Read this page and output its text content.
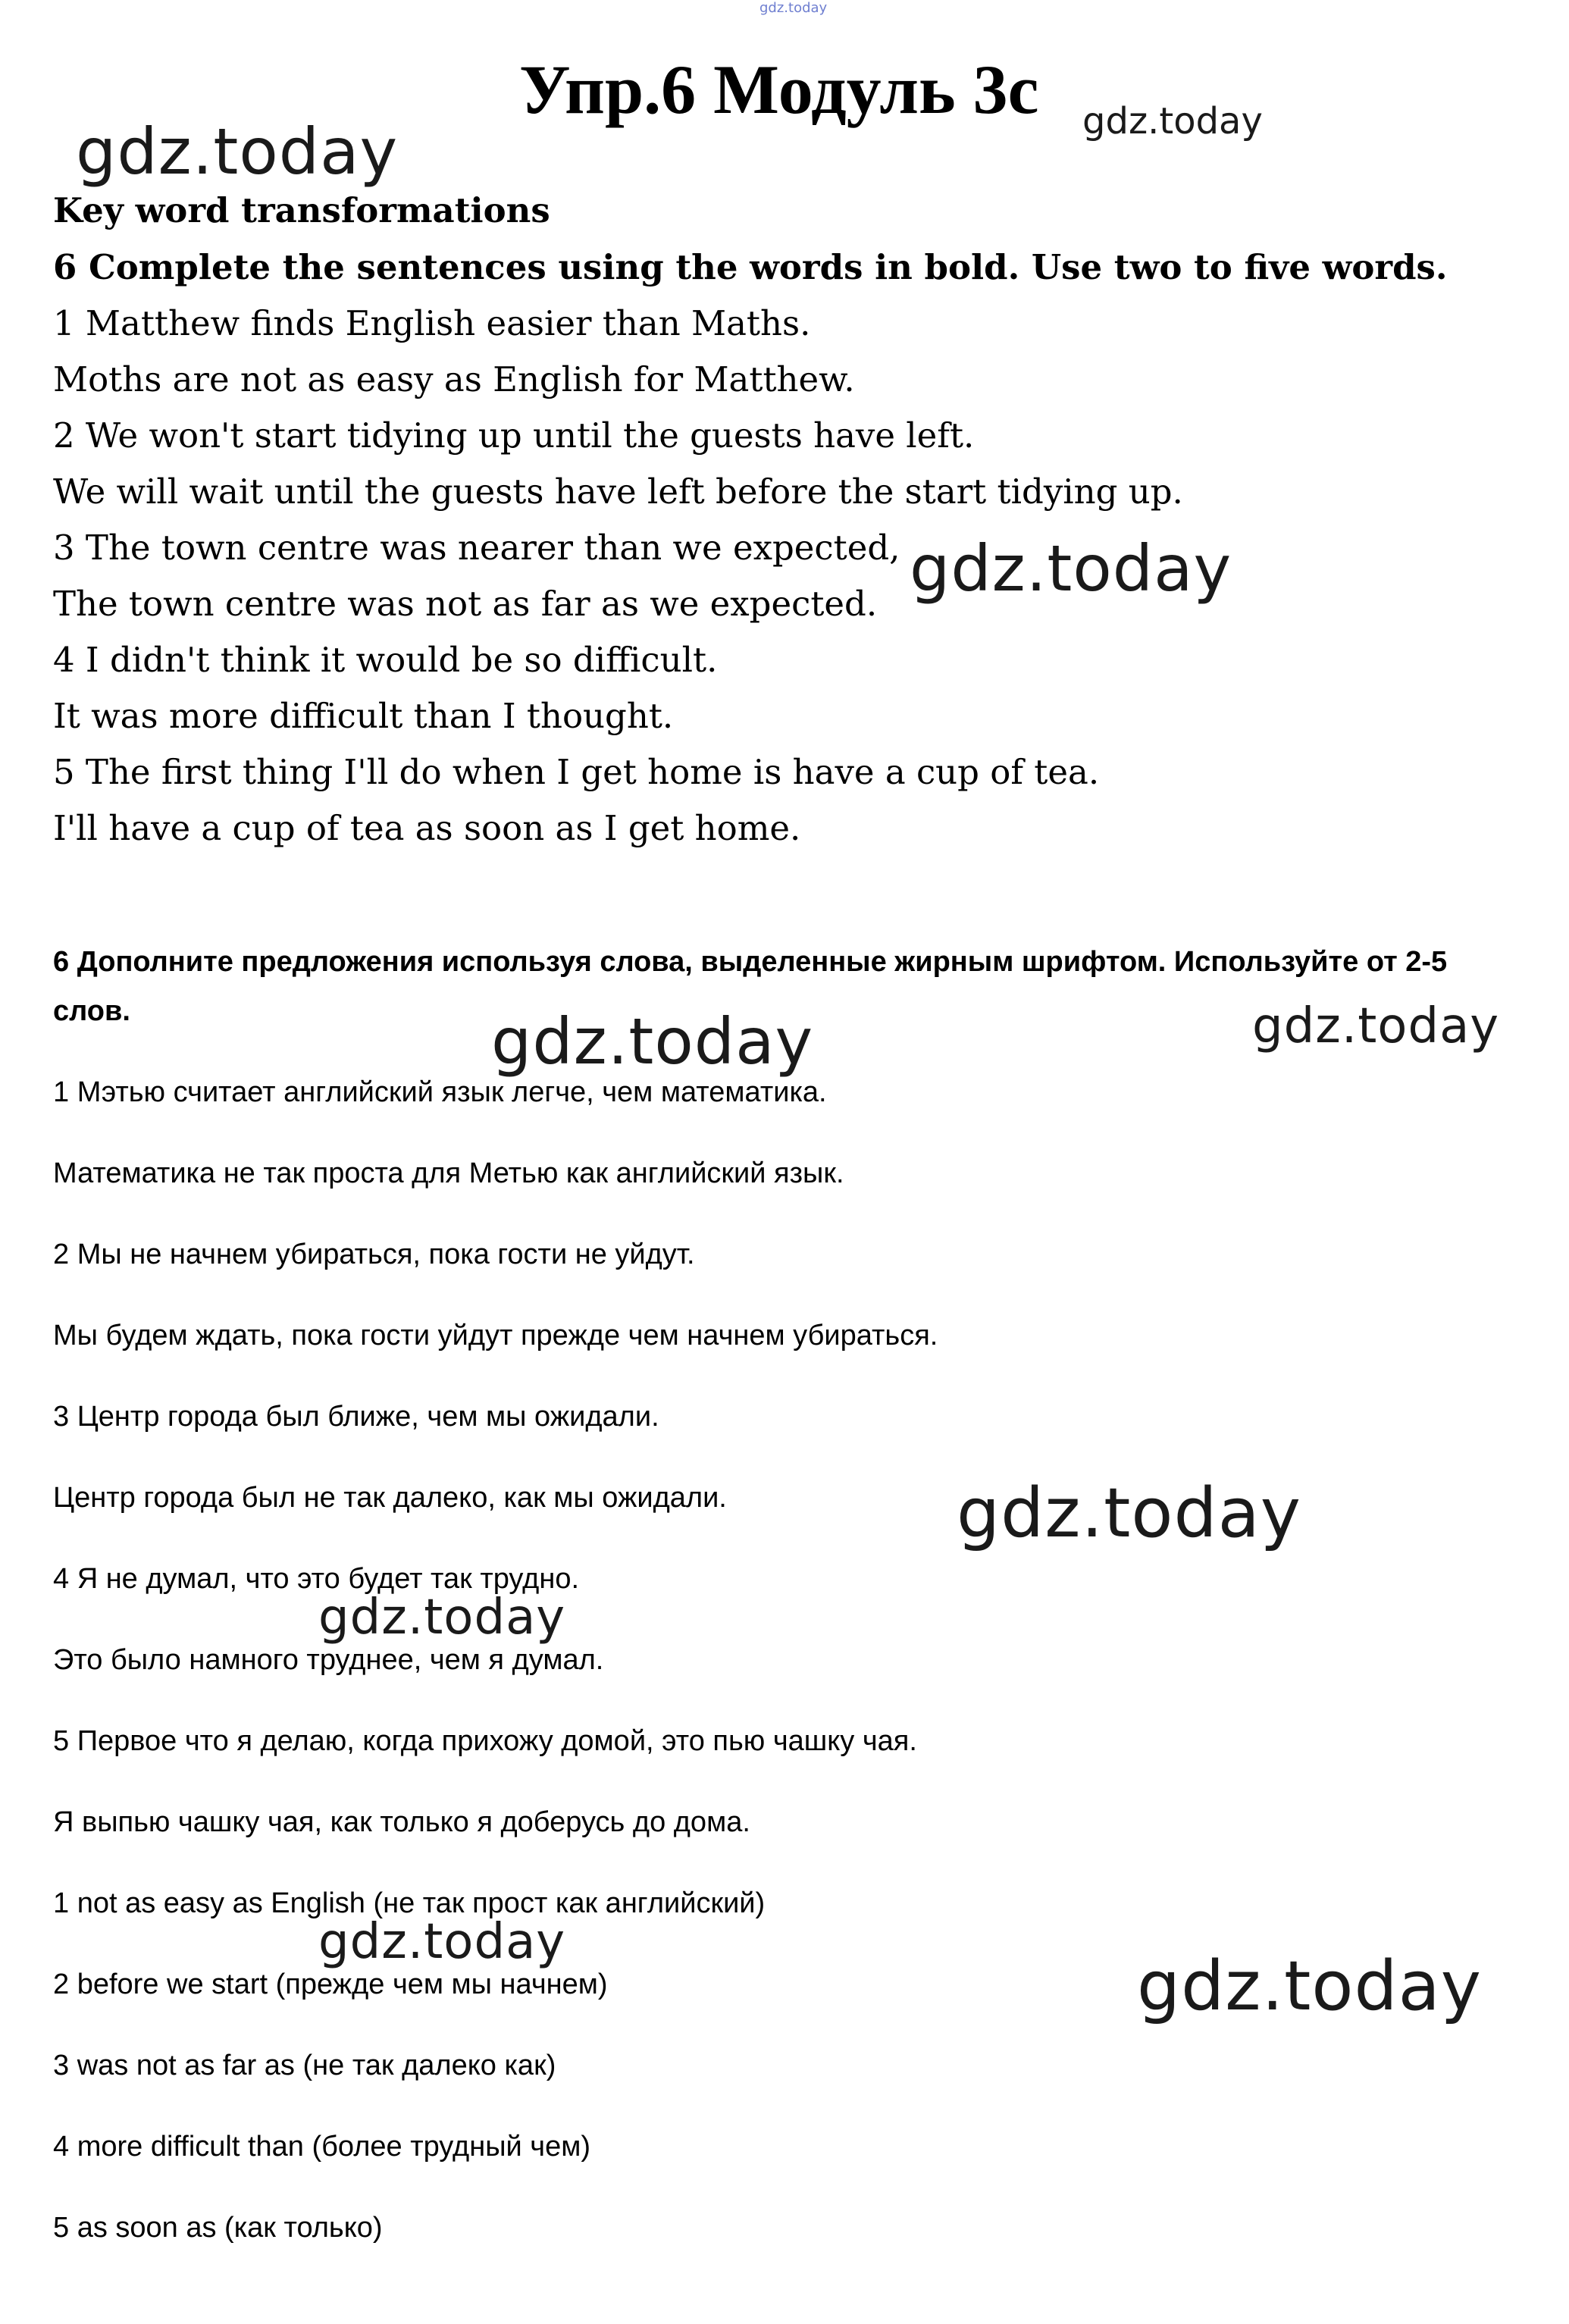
gdz.today
Упр.6 Модуль 3с gdz.today
Key word transformations
6 Complete the sentences using the words in bold. Use two to five words.
1 Matthew finds English easier than Maths.
Moths are not as easy as English for Matthew.
2 We won't start tidying up until the guests have left.
We will wait until the guests have left before the start tidying up.
3 The town centre was nearer than we expected,
The town centre was not as far as we expected.
4 I didn't think it would be so difficult.
It was more difficult than I thought.
5 The first thing I'll do when I get home is have a cup of tea.
I'll have a cup of tea as soon as I get home.
6 Дополните предложения используя слова, выделенные жирным шрифтом. Используйте от 2-5
слов.
1 Мэтью считает английский язык легче, чем математика.
Математика не так проста для Метью как английский язык.
2 Мы не начнем убираться, пока гости не уйдут.
Мы будем ждать, пока гости уйдут прежде чем начнем убираться.
3 Центр города был ближе, чем мы ожидали.
Центр города был не так далеко, как мы ожидали.
4 Я не думал, что это будет так трудно.
Это было намного труднее, чем я думал.
5 Первое что я делаю, когда прихожу домой, это пью чашку чая.
Я выпью чашку чая, как только я доберусь до дома.
1 not as easy as English (не так прост как английский)
2 before we start (прежде чем мы начнем)
3 was not as far as (не так далеко как)
4 more difficult than (более трудный чем)
5 as soon as (как только)
gdz.today
gdz.today
gdz.today	gdz.today
gdz.today
gdz.today
gdz.today
gdz.today
